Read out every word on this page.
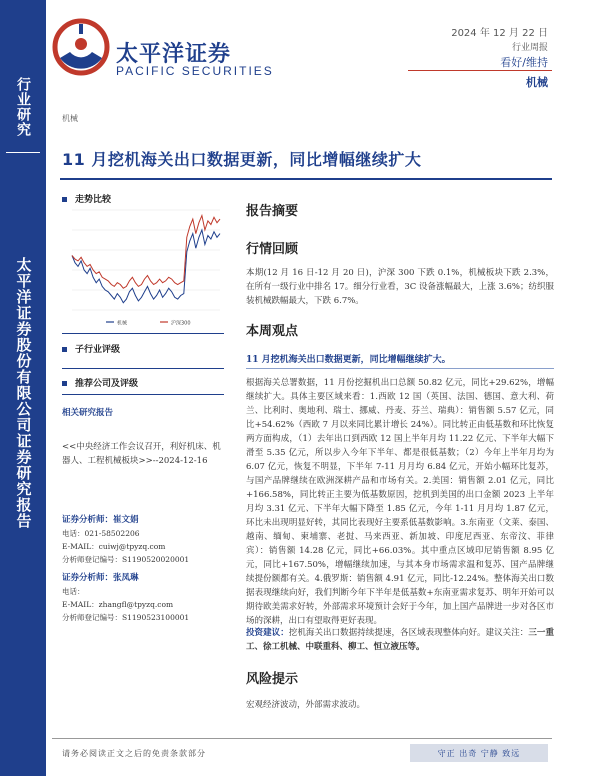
行业研究
太平洋证券股份有限公司证券研究报告
太平洋证券
PACIFIC SECURITIES
2024 年 12 月 22 日
行业周报
看好/维持
机械
机械
11 月挖机海关出口数据更新，同比增幅继续扩大
走势比较
机械	沪深300
子行业评级
推荐公司及评级
相关研究报告
<<中央经济工作会议召开，利好机床、机器人、工程机械板块>>--2024-12-16
证券分析师：崔文娟
电话：021-58502206
E-MAIL：cuiwj@tpyzq.com
分析师登记编号：S1190520020001
证券分析师：张凤琳
电话：
E-MAIL：zhangfl@tpyzq.com
分析师登记编号：S1190523100001
报告摘要
行情回顾
本期(12 月 16 日-12 月 20 日)，沪深 300 下跌 0.1%，机械板块下跌 2.3%，在所有一级行业中排名 17。细分行业看，3C 设备涨幅最大，上涨 3.6%；纺织服装机械跌幅最大，下跌 6.7%。
本周观点
11 月挖机海关出口数据更新，同比增幅继续扩大。
根据海关总署数据，11 月份挖掘机出口总额 50.82 亿元，同比+29.62%，增幅继续扩大。具体主要区域来看：1.西欧 12 国（英国、法国、德国、意大利、荷兰、比利时、奥地利、瑞士、挪威、丹麦、芬兰、瑞典）：销售额 5.57 亿元，同比+54.62%（西欧 7 月以来同比累计增长 24%）。同比转正由低基数和环比恢复两方面构成，（1）去年出口到西欧 12 国上半年月均 11.22 亿元、下半年大幅下滑至 5.35 亿元，所以步入今年下半年、都是很低基数；（2）今年上半年月均为 6.07 亿元，恢复不明显，下半年 7-11 月月均 6.84 亿元，开始小幅环比复苏，与国产品牌继续在欧洲深耕产品和市场有关。2.美国：销售额 2.01 亿元，同比+166.58%，同比转正主要为低基数原因，挖机到美国的出口金额 2023 上半年月均 3.31 亿元、下半年大幅下降至 1.85 亿元，今年 1-11 月月均 1.87 亿元，环比未出现明显好转，其同比表现好主要系低基数影响。3.东南亚（文莱、泰国、越南、缅甸、柬埔寨、老挝、马来西亚、新加坡、印度尼西亚、东帝汶、菲律宾）：销售额 14.28 亿元，同比+66.03%。其中重点区域印尼销售额 8.95 亿元，同比+167.50%，增幅继续加速，与其本身市场需求温和复苏、国产品牌继续提份额都有关。4.俄罗斯：销售额 4.91 亿元，同比-12.24%。整体海关出口数据表现继续向好，我们判断今年下半年是低基数+东南亚需求复苏、明年开始可以期待欧美需求好转，外部需求环境预计会好于今年，加上国产品牌进一步对各区市场的深耕，出口有望取得更好表现。
投资建议：挖机海关出口数据持续提速，各区域表现整体向好。建议关注：三一重工、徐工机械、中联重科、柳工、恒立液压等。
风险提示
宏观经济波动，外部需求波动。
请务必阅读正文之后的免责条款部分	守正 出奇 宁静 致远
